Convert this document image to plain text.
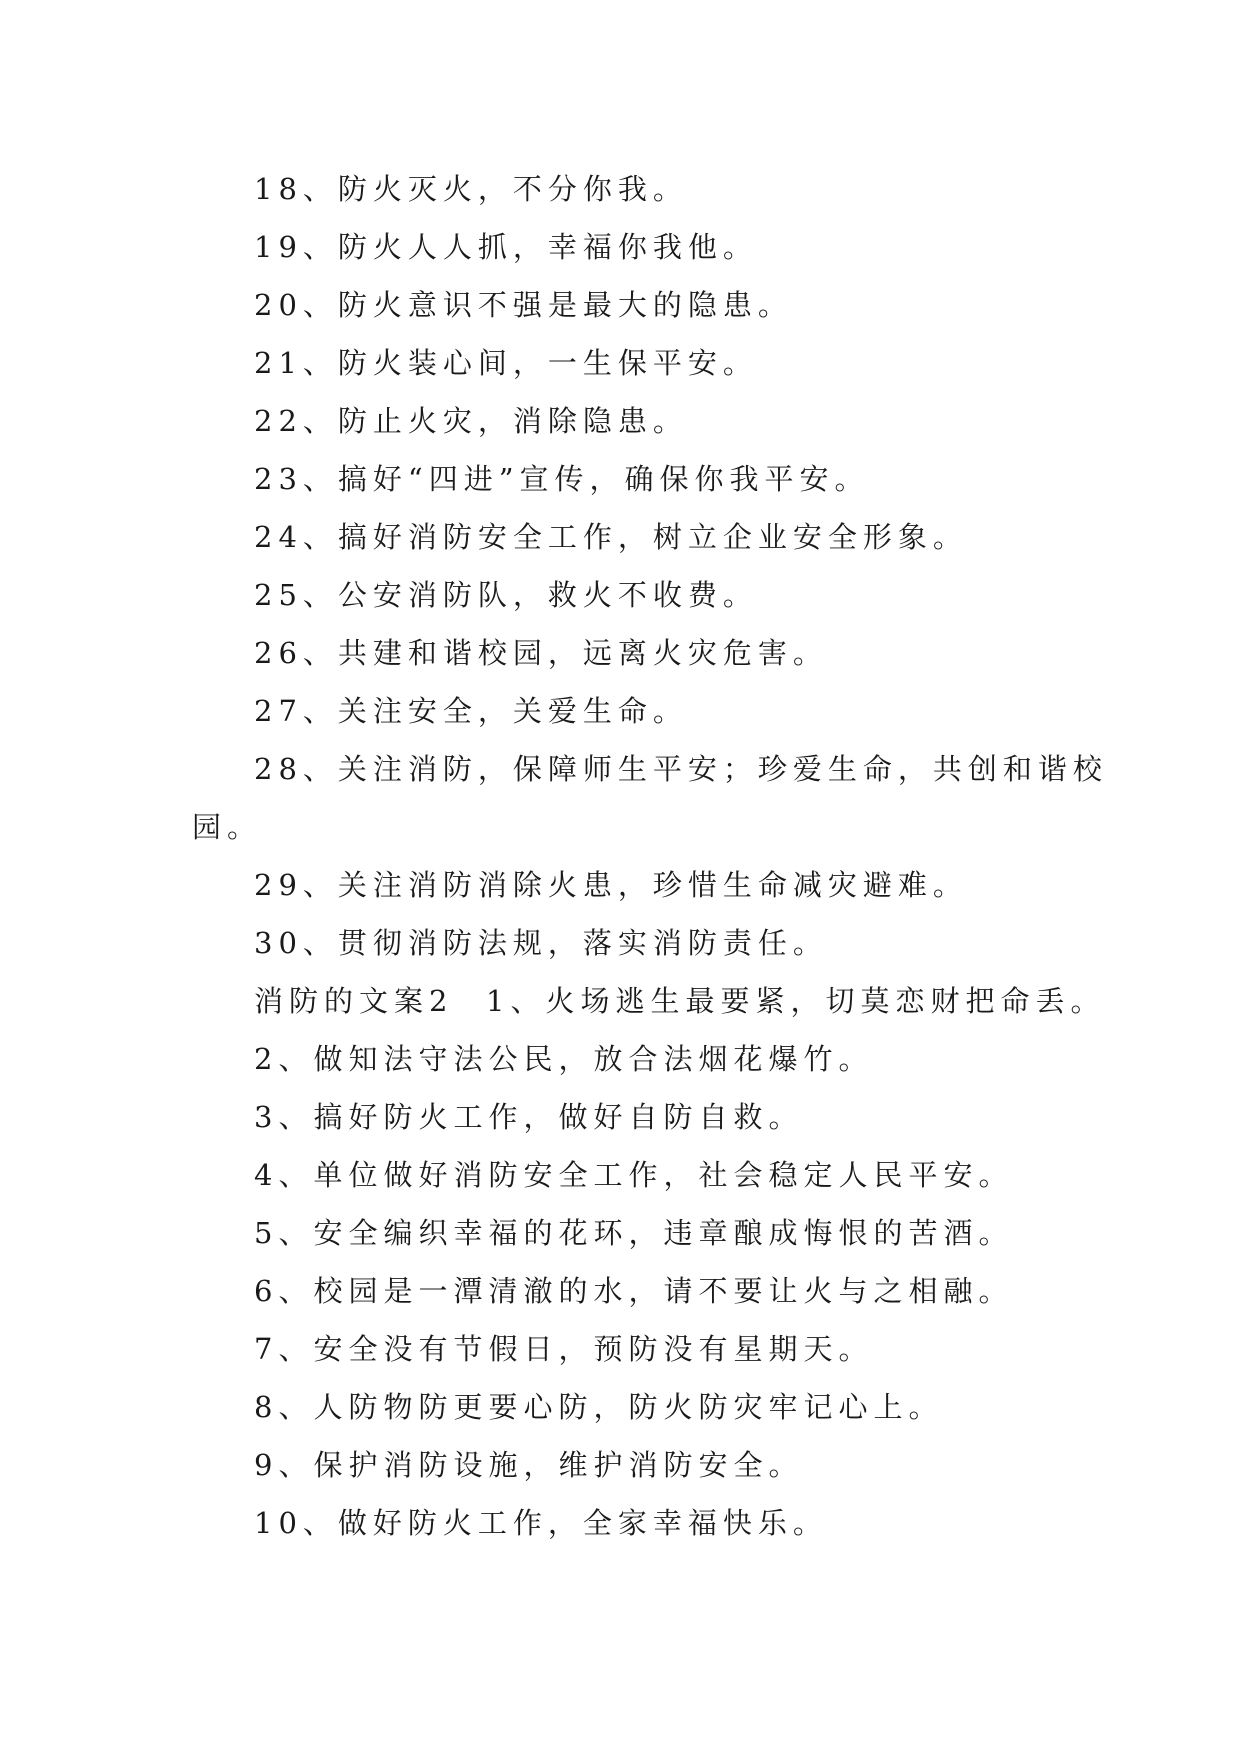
18、防火灭火，不分你我。

19、防火人人抓，幸福你我他。

20、防火意识不强是最大的隐患。

21、防火装心间，一生保平安。

22、防止火灾，消除隐患。

23、搞好“四进”宣传，确保你我平安。

24、搞好消防安全工作，树立企业安全形象。

25、公安消防队，救火不收费。

26、共建和谐校园，远离火灾危害。

27、关注安全，关爱生命。

28、关注消防，保障师生平安；珍爱生命，共创和谐校

园。

29、关注消防消除火患，珍惜生命减灾避难。

30、贯彻消防法规，落实消防责任。

消防的文案2 1、火场逃生最要紧，切莫恋财把命丢。

2、做知法守法公民，放合法烟花爆竹。

3、搞好防火工作，做好自防自救。

4、单位做好消防安全工作，社会稳定人民平安。

5、安全编织幸福的花环，违章酿成悔恨的苦酒。

6、校园是一潭清澈的水，请不要让火与之相融。

7、安全没有节假日，预防没有星期天。

8、人防物防更要心防，防火防灾牢记心上。

9、保护消防设施，维护消防安全。

10、做好防火工作，全家幸福快乐。
